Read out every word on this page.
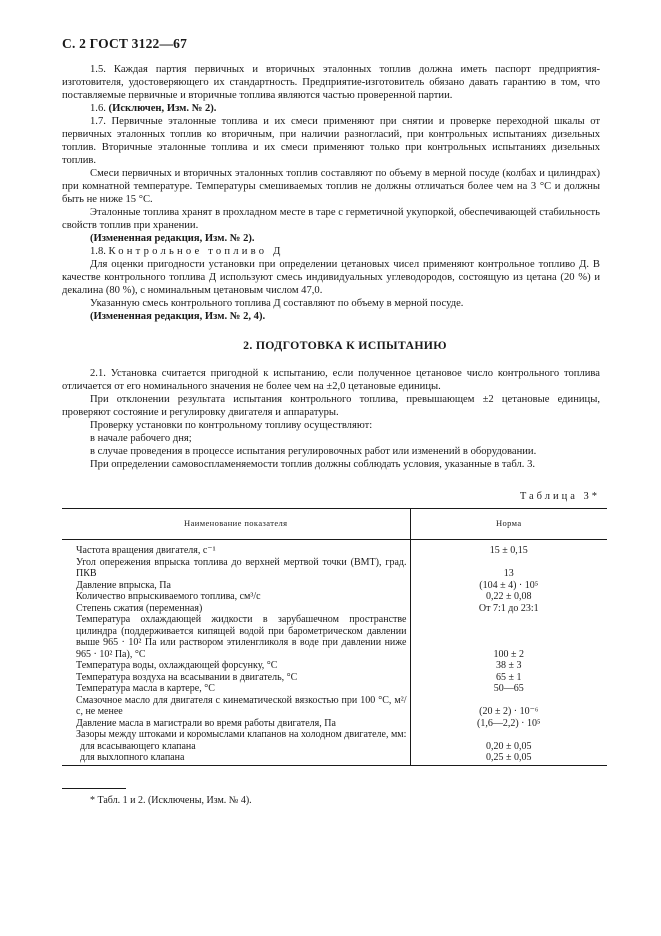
С. 2 ГОСТ 3122—67

1.5. Каждая партия первичных и вторичных эталонных топлив должна иметь паспорт предприятия-изготовителя, удостоверяющего их стандартность. Предприятие-изготовитель обязано давать гарантию в том, что поставляемые первичные и вторичные топлива являются частью проверенной партии.

1.6. (Исключен, Изм. № 2).

1.7. Первичные эталонные топлива и их смеси применяют при снятии и проверке переходной шкалы от первичных эталонных топлив ко вторичным, при наличии разногласий, при контрольных испытаниях дизельных топлив. Вторичные эталонные топлива и их смеси применяют только при контрольных испытаниях дизельных топлив.

Смеси первичных и вторичных эталонных топлив составляют по объему в мерной посуде (колбах и цилиндрах) при комнатной температуре. Температуры смешиваемых топлив не должны отличаться более чем на 3 °С и должны быть не ниже 15 °С.

Эталонные топлива хранят в прохладном месте в таре с герметичной укупоркой, обеспечивающей стабильность свойств топлив при хранении.

(Измененная редакция, Изм. № 2).

1.8. Контрольное топливо Д

Для оценки пригодности установки при определении цетановых чисел применяют контрольное топливо Д. В качестве контрольного топлива Д используют смесь индивидуальных углеводородов, состоящую из цетана (20 %) и декалина (80 %), с номинальным цетановым числом 47,0.

Указанную смесь контрольного топлива Д составляют по объему в мерной посуде.

(Измененная редакция, Изм. № 2, 4).

2. ПОДГОТОВКА К ИСПЫТАНИЮ

2.1. Установка считается пригодной к испытанию, если полученное цетановое число контрольного топлива отличается от его номинального значения не более чем на ±2,0 цетановые единицы.

При отклонении результата испытания контрольного топлива, превышающем ±2 цетановые единицы, проверяют состояние и регулировку двигателя и аппаратуры.

Проверку установки по контрольному топливу осуществляют:

в начале рабочего дня;

в случае проведения в процессе испытания регулировочных работ или изменений в оборудовании.

При определении самовоспламеняемости топлив должны соблюдать условия, указанные в табл. 3.

Таблица 3*
Наименование показателя	Норма
Частота вращения двигателя, с⁻¹	15 ± 0,15
Угол опережения впрыска топлива до верхней мертвой точки (ВМТ), град. ПКВ	13
Давление впрыска, Па	(104 ± 4) · 10⁵
Количество впрыскиваемого топлива, см³/с	0,22 ± 0,08
Степень сжатия (переменная)	От 7:1 до 23:1
Температура охлаждающей жидкости в зарубашечном пространстве цилиндра (поддерживается кипящей водой при барометрическом давлении выше 965 · 10² Па или раствором этиленгликоля в воде при давлении ниже 965 · 10² Па), °С	100 ± 2
Температура воды, охлаждающей форсунку, °С	38 ± 3
Температура воздуха на всасывании в двигатель, °С	65 ± 1
Температура масла в картере, °С	50—65
Смазочное масло для двигателя с кинематической вязкостью при 100 °С, м²/с, не менее	(20 ± 2) · 10⁻⁶
Давление масла в магистрали во время работы двигателя, Па	(1,6—2,2) · 10⁵
Зазоры между штоками и коромыслами клапанов на холодном двигателе, мм:	
для всасывающего клапана	0,20 ± 0,05
для выхлопного клапана	0,25 ± 0,05
* Табл. 1 и 2. (Исключены, Изм. № 4).
